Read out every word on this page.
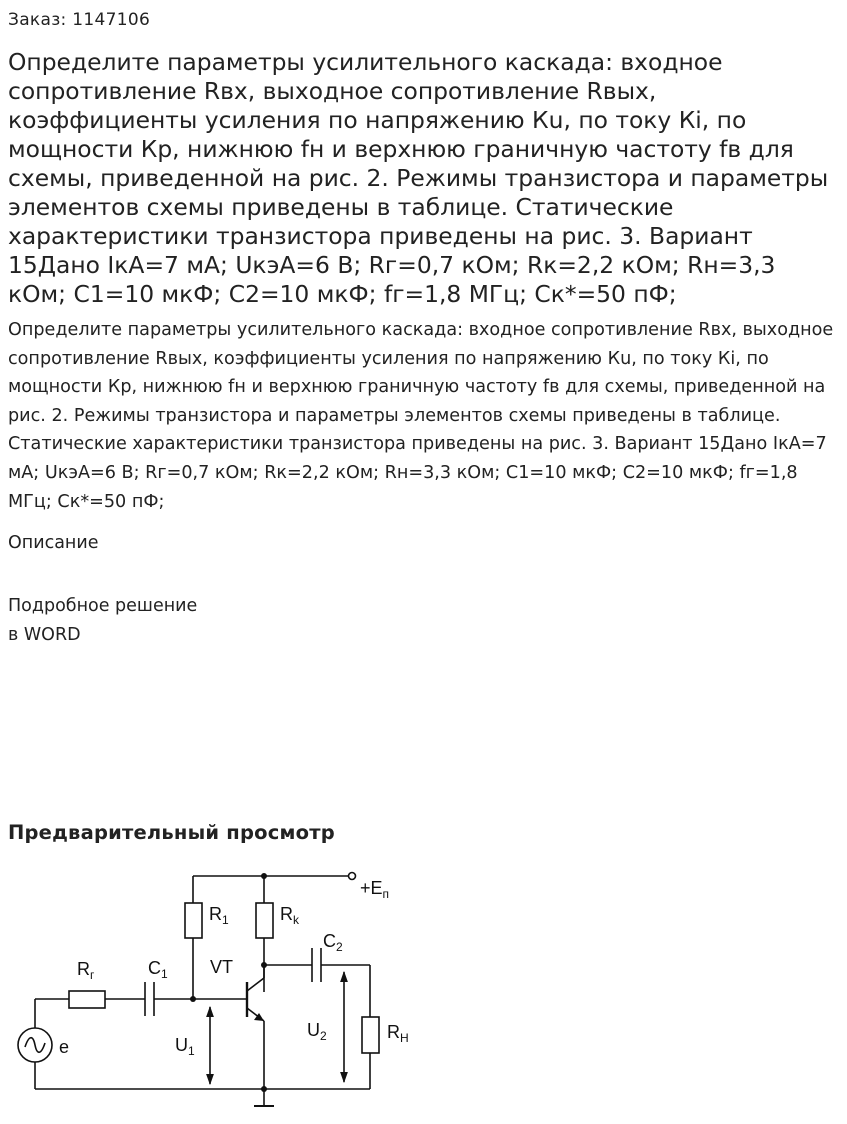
Заказ: 1147106
Определите параметры усилительного каскада: входное сопротивление Rвх, выходное сопротивление Rвых, коэффициенты усиления по напряжению Кu, по току Кi, по мощности Кр, нижнюю fн и верхнюю граничную частоту fв для схемы, приведенной на рис. 2. Режимы транзистора и параметры элементов схемы приведены в таблице. Статические характеристики транзистора приведены на рис. 3. Вариант 15Дано IкА=7 мА; UкэА=6 В; Rг=0,7 кОм; Rк=2,2 кОм; Rн=3,3 кОм; C1=10 мкФ; C2=10 мкФ; fг=1,8 МГц; Ск*=50 пФ;

Определите параметры усилительного каскада: входное сопротивление Rвх, выходное сопротивление Rвых, коэффициенты усиления по напряжению Кu, по току Кi, по мощности Кр, нижнюю fн и верхнюю граничную частоту fв для схемы, приведенной на рис. 2. Режимы транзистора и параметры элементов схемы приведены в таблице. Статические характеристики транзистора приведены на рис. 3. Вариант 15Дано IкА=7 мА; UкэА=6 В; Rг=0,7 кОм; Rк=2,2 кОм; Rн=3,3 кОм; C1=10 мкФ; C2=10 мкФ; fг=1,8 МГц; Ск*=50 пФ;

Описание
Подробное решение
в WORD
Предварительный просмотр
$+E_п$
$R_1$	$R_k$
$C_2$
$R_г$	$C_1$ VT
e	$U_1$
$U_2$	$R_H$
